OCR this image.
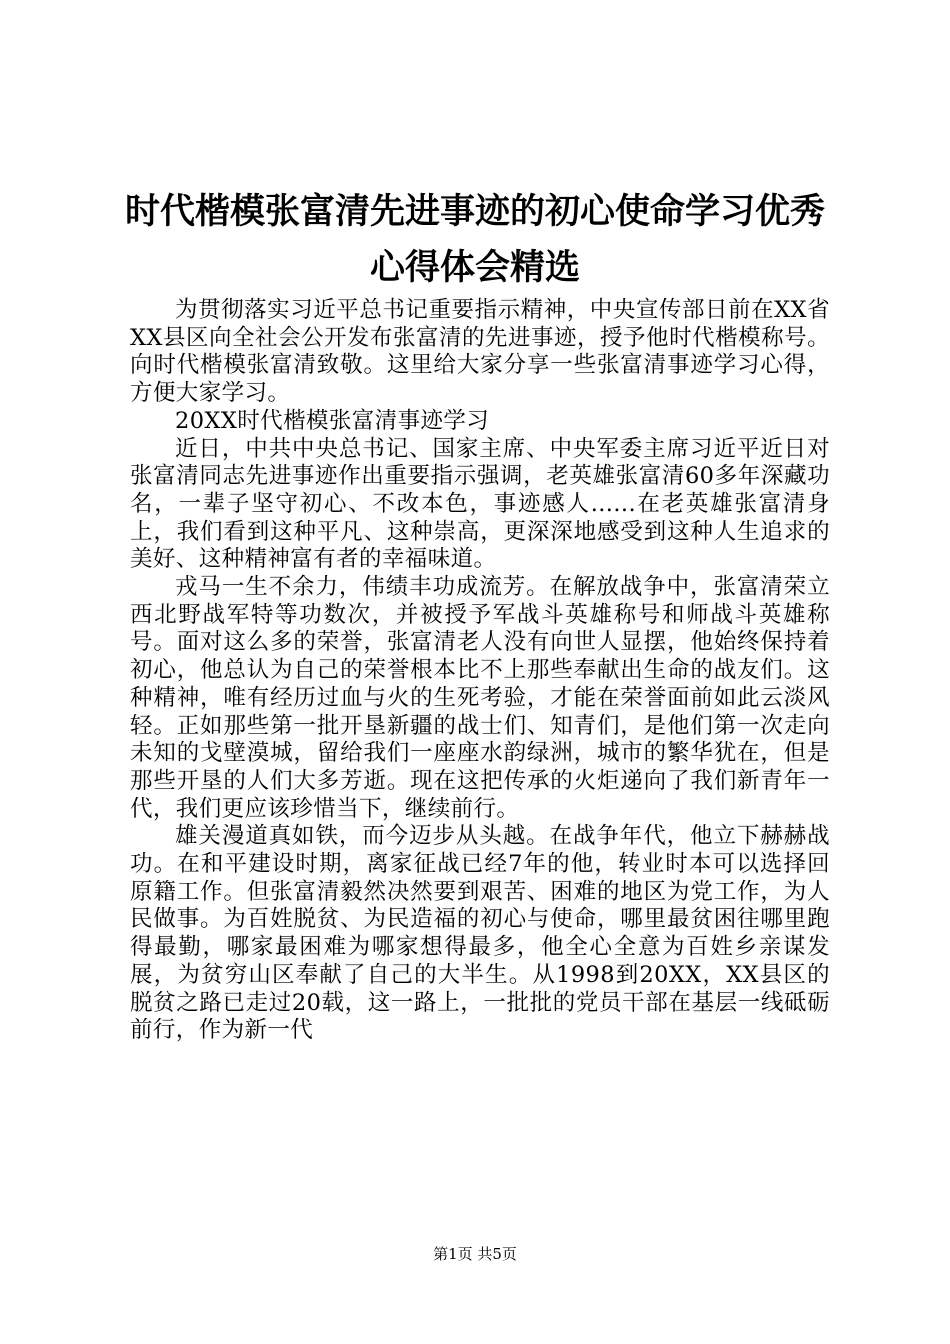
时代楷模张富清先进事迹的初心使命学习优秀
心得体会精选

为贯彻落实习近平总书记重要指示精神，中央宣传部日前在XX省XX县区向全社会公开发布张富清的先进事迹，授予他时代楷模称号。向时代楷模张富清致敬。这里给大家分享一些张富清事迹学习心得，方便大家学习。

20XX时代楷模张富清事迹学习

近日，中共中央总书记、国家主席、中央军委主席习近平近日对张富清同志先进事迹作出重要指示强调，老英雄张富清60多年深藏功名，一辈子坚守初心、不改本色，事迹感人......在老英雄张富清身上，我们看到这种平凡、这种崇高，更深深地感受到这种人生追求的美好、这种精神富有者的幸福味道。

戎马一生不余力，伟绩丰功成流芳。在解放战争中，张富清荣立西北野战军特等功数次，并被授予军战斗英雄称号和师战斗英雄称号。面对这么多的荣誉，张富清老人没有向世人显摆，他始终保持着初心，他总认为自己的荣誉根本比不上那些奉献出生命的战友们。这种精神，唯有经历过血与火的生死考验，才能在荣誉面前如此云淡风轻。正如那些第一批开垦新疆的战士们、知青们，是他们第一次走向未知的戈壁漠城，留给我们一座座水韵绿洲，城市的繁华犹在，但是那些开垦的人们大多芳逝。现在这把传承的火炬递向了我们新青年一代，我们更应该珍惜当下，继续前行。

雄关漫道真如铁，而今迈步从头越。在战争年代，他立下赫赫战功。在和平建设时期，离家征战已经7年的他，转业时本可以选择回原籍工作。但张富清毅然决然要到艰苦、困难的地区为党工作，为人民做事。为百姓脱贫、为民造福的初心与使命，哪里最贫困往哪里跑得最勤，哪家最困难为哪家想得最多，他全心全意为百姓乡亲谋发展，为贫穷山区奉献了自己的大半生。从1998到20XX，XX县区的脱贫之路已走过20载，这一路上，一批批的党员干部在基层一线砥砺前行，作为新一代

第1页 共5页
